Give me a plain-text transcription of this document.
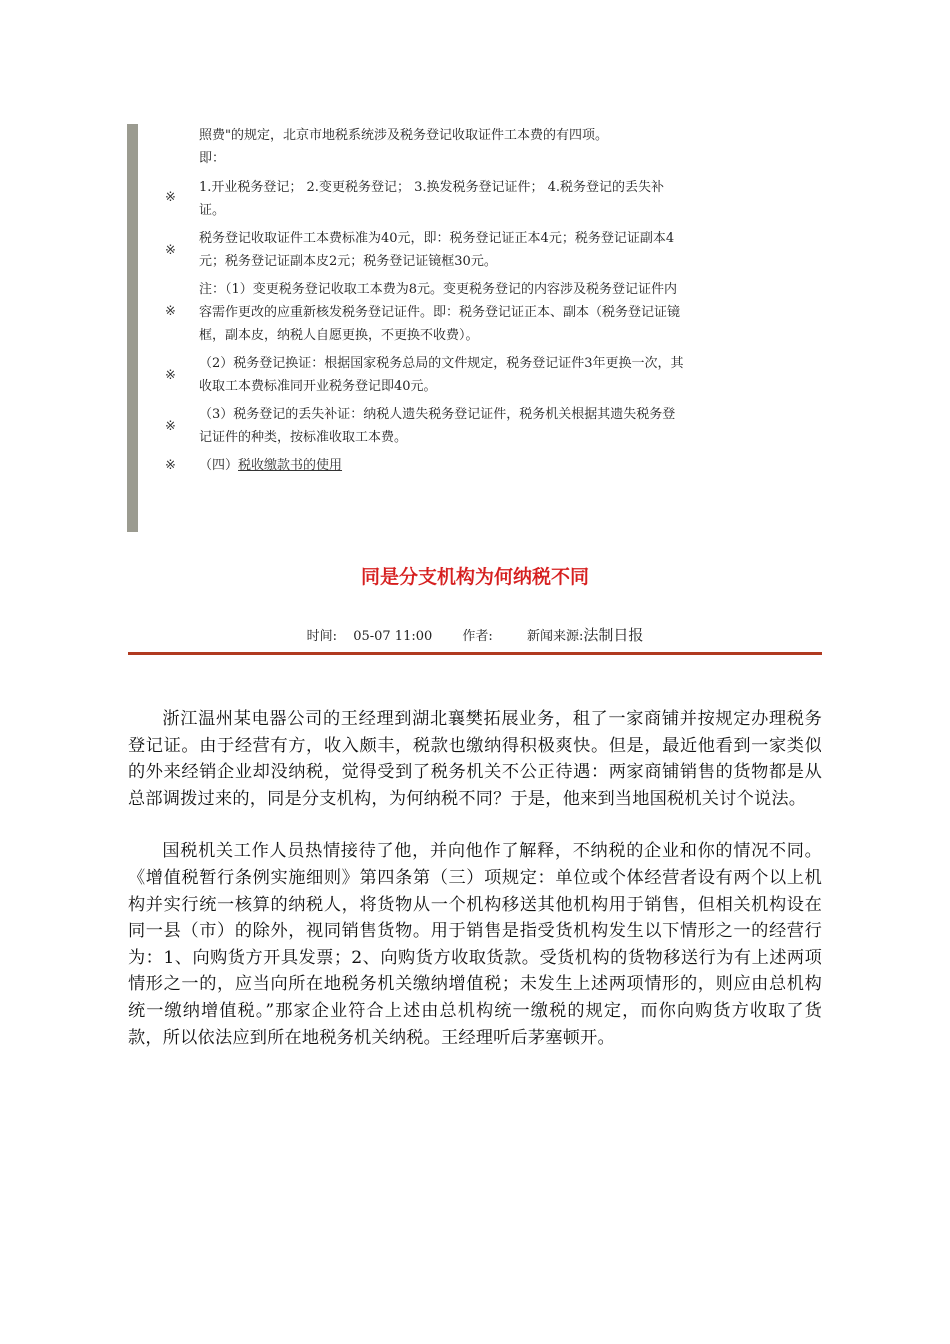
照费"的规定，北京市地税系统涉及税务登记收取证件工本费的有四项。
即：
※
1.开业税务登记； 2.变更税务登记； 3.换发税务登记证件； 4.税务登记的丢失补证。
※
税务登记收取证件工本费标准为40元，即：税务登记证正本4元；税务登记证副本4元；税务登记证副本皮2元；税务登记证镜框30元。
※
注：（1）变更税务登记收取工本费为8元。变更税务登记的内容涉及税务登记证件内容需作更改的应重新核发税务登记证件。即：税务登记证正本、副本（税务登记证镜框，副本皮，纳税人自愿更换，不更换不收费）。
※
（2）税务登记换证：根据国家税务总局的文件规定，税务登记证件3年更换一次，其收取工本费标准同开业税务登记即40元。
※
（3）税务登记的丢失补证：纳税人遗失税务登记证件，税务机关根据其遗失税务登记证件的种类，按标准收取工本费。
※ （四）税收缴款书的使用
同是分支机构为何纳税不同
时间: 05-07 11:00 作者:	新闻来源:法制日报

浙江温州某电器公司的王经理到湖北襄樊拓展业务，租了一家商铺并按规定办理税务登记证。由于经营有方，收入颇丰，税款也缴纳得积极爽快。但是，最近他看到一家类似的外来经销企业却没纳税，觉得受到了税务机关不公正待遇：两家商铺销售的货物都是从总部调拨过来的，同是分支机构，为何纳税不同？于是，他来到当地国税机关讨个说法。

国税机关工作人员热情接待了他，并向他作了解释，不纳税的企业和你的情况不同。《增值税暂行条例实施细则》第四条第（三）项规定：单位或个体经营者设有两个以上机构并实行统一核算的纳税人，将货物从一个机构移送其他机构用于销售，但相关机构设在同一县（市）的除外，视同销售货物。用于销售是指受货机构发生以下情形之一的经营行为：1、向购货方开具发票；2、向购货方收取货款。受货机构的货物移送行为有上述两项情形之一的，应当向所在地税务机关缴纳增值税；未发生上述两项情形的，则应由总机构统一缴纳增值税。”那家企业符合上述由总机构统一缴税的规定，而你向购货方收取了货款，所以依法应到所在地税务机关纳税。王经理听后茅塞顿开。
